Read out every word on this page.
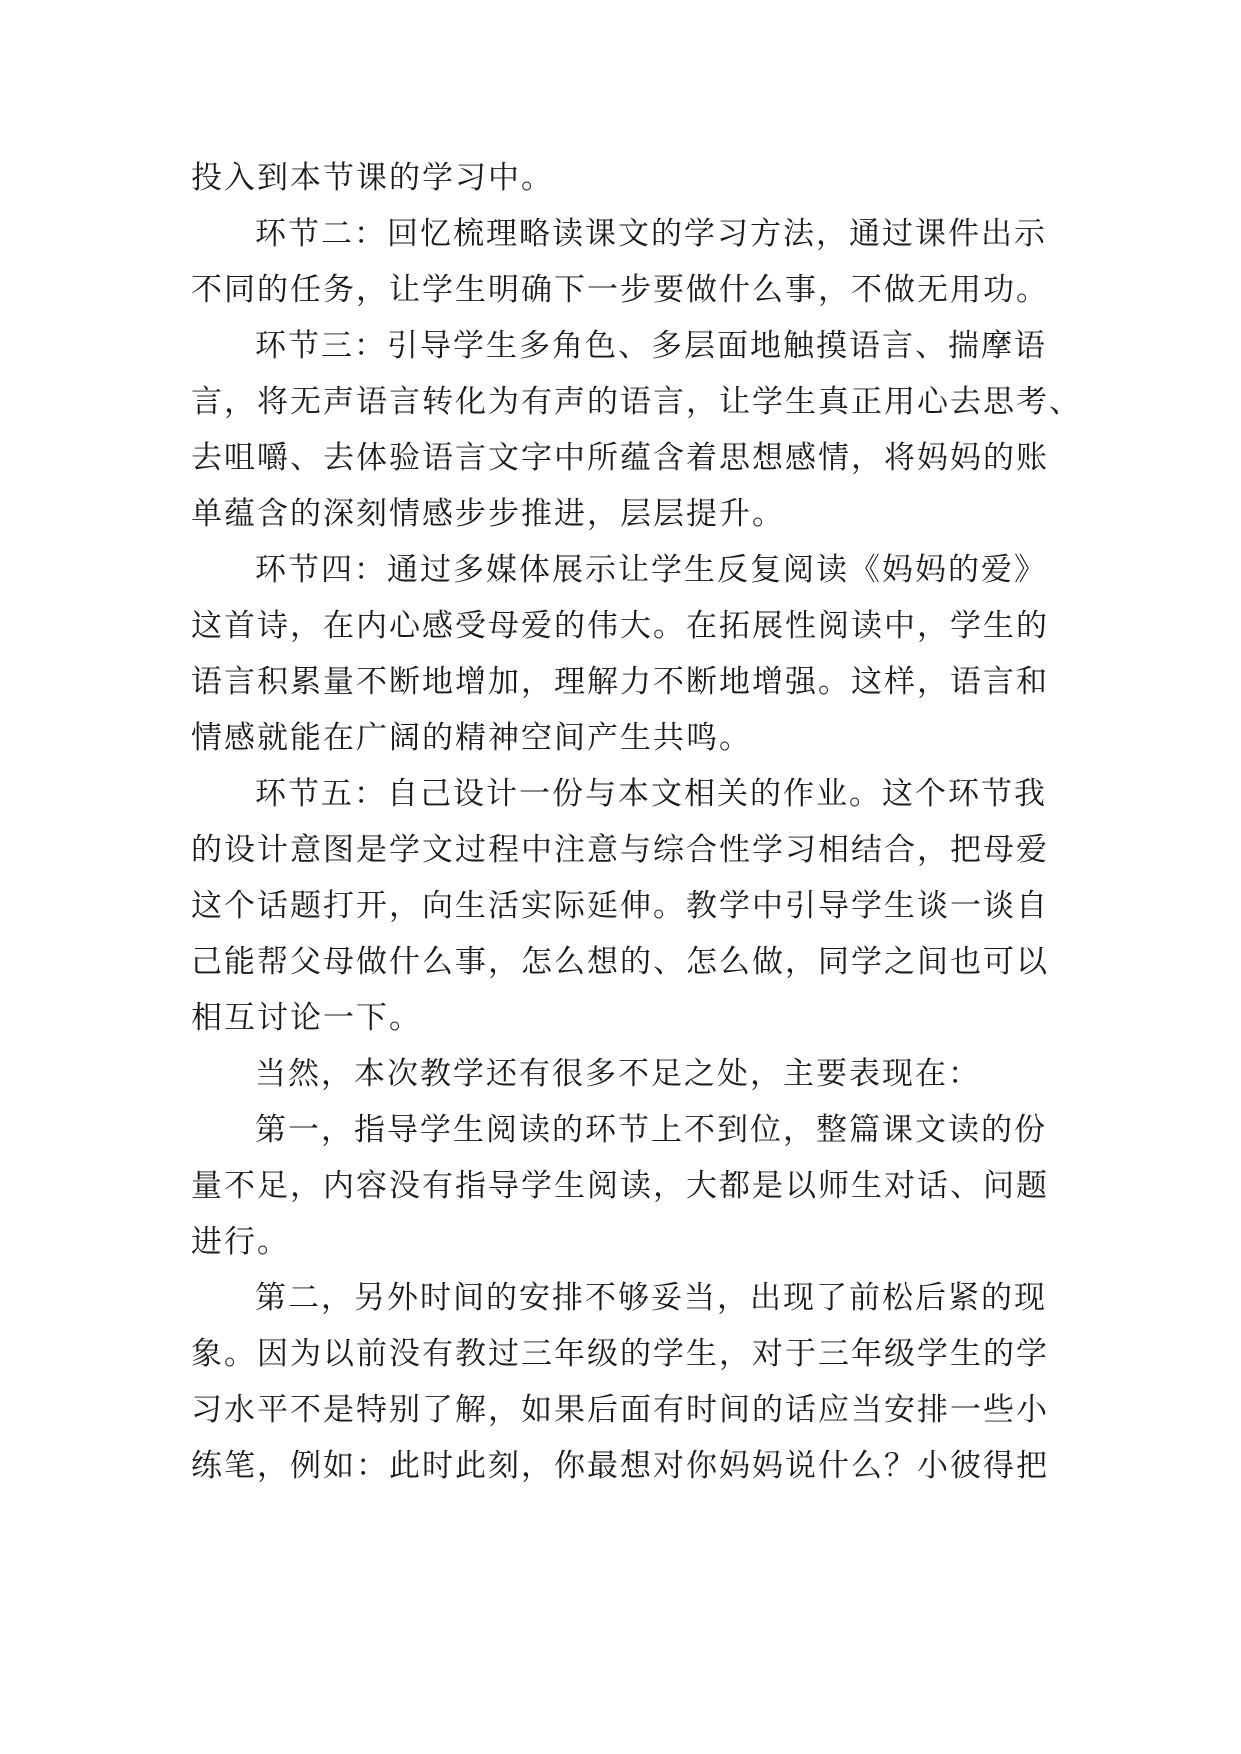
投入到本节课的学习中。
环节二：回忆梳理略读课文的学习方法，通过课件出示
不同的任务，让学生明确下一步要做什么事，不做无用功。
环节三：引导学生多角色、多层面地触摸语言、揣摩语
言，将无声语言转化为有声的语言，让学生真正用心去思考、
去咀嚼、去体验语言文字中所蕴含着思想感情，将妈妈的账
单蕴含的深刻情感步步推进，层层提升。
环节四：通过多媒体展示让学生反复阅读《妈妈的爱》
这首诗，在内心感受母爱的伟大。在拓展性阅读中，学生的
语言积累量不断地增加，理解力不断地增强。这样，语言和
情感就能在广阔的精神空间产生共鸣。
环节五：自己设计一份与本文相关的作业。这个环节我
的设计意图是学文过程中注意与综合性学习相结合，把母爱
这个话题打开，向生活实际延伸。教学中引导学生谈一谈自
己能帮父母做什么事，怎么想的、怎么做，同学之间也可以
相互讨论一下。
当然，本次教学还有很多不足之处，主要表现在：
第一，指导学生阅读的环节上不到位，整篇课文读的份
量不足，内容没有指导学生阅读，大都是以师生对话、问题
进行。
第二，另外时间的安排不够妥当，出现了前松后紧的现
象。因为以前没有教过三年级的学生，对于三年级学生的学
习水平不是特别了解，如果后面有时间的话应当安排一些小
练笔，例如：此时此刻，你最想对你妈妈说什么？小彼得把
